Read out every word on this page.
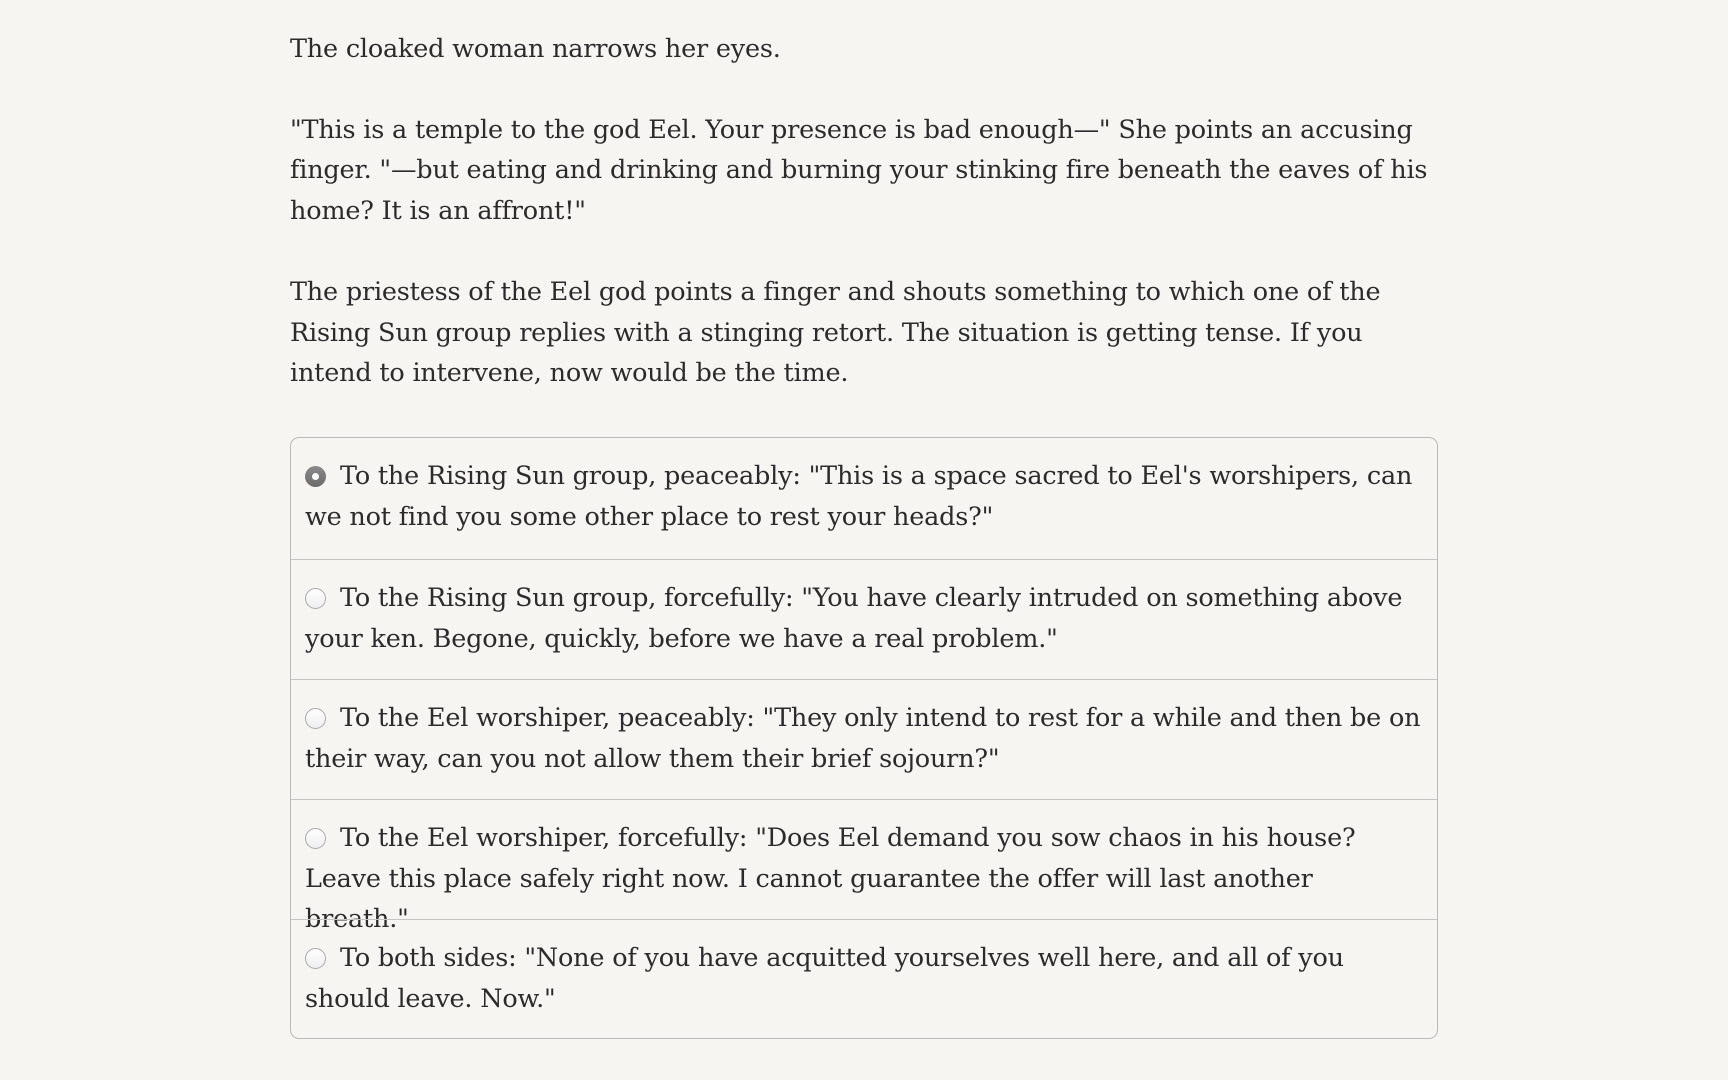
The cloaked woman narrows her eyes.

"This is a temple to the god Eel. Your presence is bad enough—" She points an accusing finger. "—but eating and drinking and burning your stinking fire beneath the eaves of his home? It is an affront!"

The priestess of the Eel god points a finger and shouts something to which one of the Rising Sun group replies with a stinging retort. The situation is getting tense. If you intend to intervene, now would be the time.

To the Rising Sun group, peaceably: "This is a space sacred to Eel's worshipers, can we not find you some other place to rest your heads?"
To the Rising Sun group, forcefully: "You have clearly intruded on something above your ken. Begone, quickly, before we have a real problem."
To the Eel worshiper, peaceably: "They only intend to rest for a while and then be on their way, can you not allow them their brief sojourn?"
To the Eel worshiper, forcefully: "Does Eel demand you sow chaos in his house? Leave this place safely right now. I cannot guarantee the offer will last another breath."
To both sides: "None of you have acquitted yourselves well here, and all of you should leave. Now."
